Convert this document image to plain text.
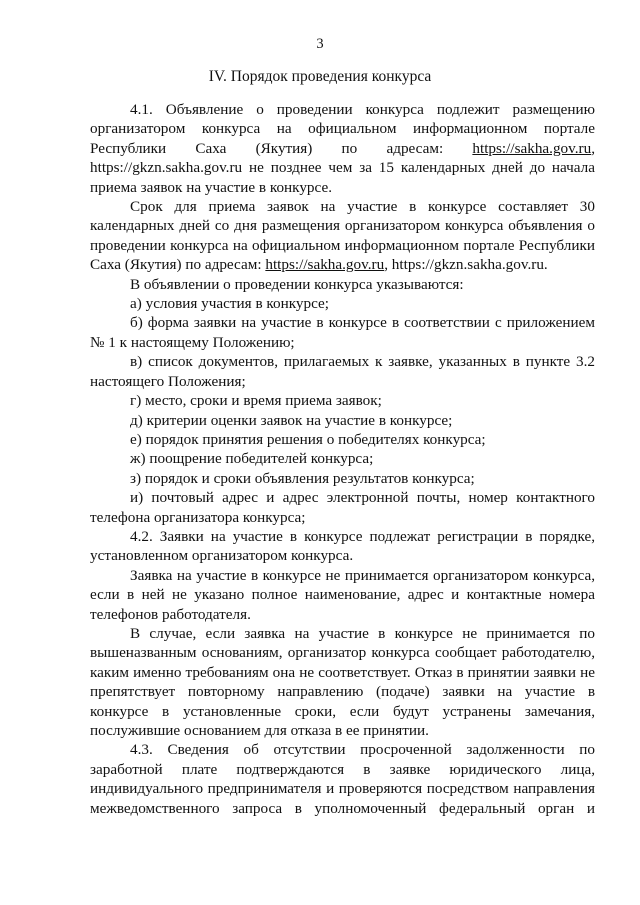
3
IV. Порядок проведения конкурса

4.1. Объявление о проведении конкурса подлежит размещению организатором конкурса на официальном информационном портале Республики Саха (Якутия) по адресам: https://sakha.gov.ru, https://gkzn.sakha.gov.ru не позднее чем за 15 календарных дней до начала приема заявок на участие в конкурсе.

Срок для приема заявок на участие в конкурсе составляет 30 календарных дней со дня размещения организатором конкурса объявления о проведении конкурса на официальном информационном портале Республики Саха (Якутия) по адресам: https://sakha.gov.ru, https://gkzn.sakha.gov.ru.

В объявлении о проведении конкурса указываются:

а) условия участия в конкурсе;

б) форма заявки на участие в конкурсе в соответствии с приложением № 1 к настоящему Положению;

в) список документов, прилагаемых к заявке, указанных в пункте 3.2 настоящего Положения;

г) место, сроки и время приема заявок;

д) критерии оценки заявок на участие в конкурсе;

е) порядок принятия решения о победителях конкурса;

ж) поощрение победителей конкурса;

з) порядок и сроки объявления результатов конкурса;

и) почтовый адрес и адрес электронной почты, номер контактного телефона организатора конкурса;

4.2. Заявки на участие в конкурсе подлежат регистрации в порядке, установленном организатором конкурса.

Заявка на участие в конкурсе не принимается организатором конкурса, если в ней не указано полное наименование, адрес и контактные номера телефонов работодателя.

В случае, если заявка на участие в конкурсе не принимается по вышеназванным основаниям, организатор конкурса сообщает работодателю, каким именно требованиям она не соответствует. Отказ в принятии заявки не препятствует повторному направлению (подаче) заявки на участие в конкурсе в установленные сроки, если будут устранены замечания, послужившие основанием для отказа в ее принятии.

4.3. Сведения об отсутствии просроченной задолженности по заработной плате подтверждаются в заявке юридического лица, индивидуального предпринимателя и проверяются посредством направления межведомственного запроса в уполномоченный федеральный орган и
